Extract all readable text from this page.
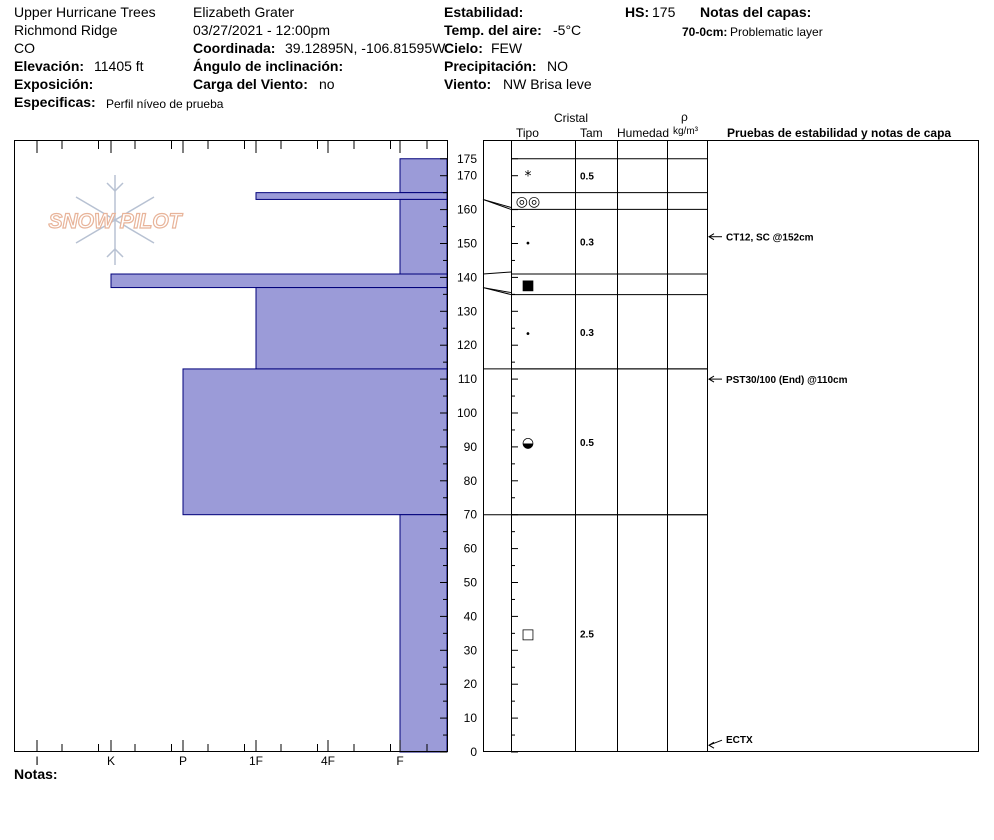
Upper Hurricane Trees
Richmond Ridge
CO
Elevación: 11405 ft
Exposición:
Especificas: Perfil níveo de prueba
Elizabeth Grater
03/27/2021 - 12:00pm
Coordinada: 39.12895N, -106.81595W
Ángulo de inclinación:
Carga del Viento: no
Estabilidad:
Temp. del aire: -5°C
Cielo: FEW
Precipitación: NO
Viento: NW Brisa leve
HS: 175 Notas del capas:
70-0cm: Problematic layer
Cristal
Tipo	Tam Humedad
ρ
kg/m³ Pruebas de estabilidad y notas de capa
Notas:
SNOW PILOT
I	K	P	1F	4F	F
0
10
20
30
40
50
60
70
80
90
100
110
120
130
140
150
160
170
175
*	0.5
◎◎
•	0.3
■
•	0.3
◒	0.5
□	2.5
CT12, SC @152cm
PST30/100 (End) @110cm
ECTX
